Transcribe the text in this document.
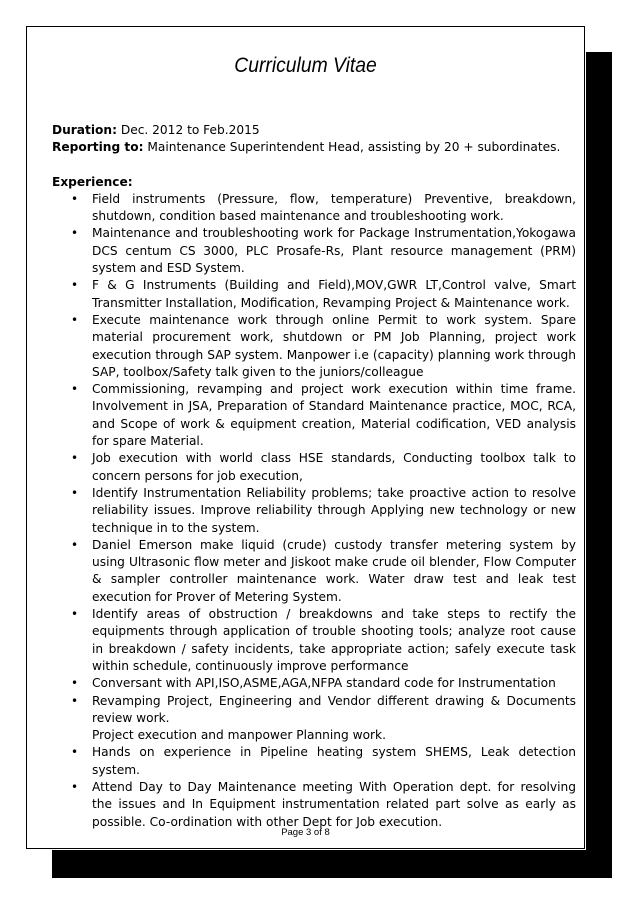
Curriculum Vitae
Duration: Dec. 2012 to Feb.2015
Reporting to: Maintenance Superintendent Head, assisting by 20 + subordinates.
Experience:
• Field instruments (Pressure, flow, temperature) Preventive, breakdown, shutdown, condition based maintenance and troubleshooting work.
• Maintenance and troubleshooting work for Package Instrumentation,Yokogawa DCS centum CS 3000, PLC Prosafe-Rs, Plant resource management (PRM) system and ESD System.
• F & G Instruments (Building and Field),MOV,GWR LT,Control valve, Smart Transmitter Installation, Modification, Revamping Project & Maintenance work.
• Execute maintenance work through online Permit to work system. Spare material procurement work, shutdown or PM Job Planning, project work execution through SAP system. Manpower i.e (capacity) planning work through SAP, toolbox/Safety talk given to the juniors/colleague
• Commissioning, revamping and project work execution within time frame. Involvement in JSA, Preparation of Standard Maintenance practice, MOC, RCA, and Scope of work & equipment creation, Material codification, VED analysis for spare Material.
• Job execution with world class HSE standards, Conducting toolbox talk to concern persons for job execution,
• Identify Instrumentation Reliability problems; take proactive action to resolve reliability issues. Improve reliability through Applying new technology or new technique in to the system.
• Daniel Emerson make liquid (crude) custody transfer metering system by using Ultrasonic flow meter and Jiskoot make crude oil blender, Flow Computer & sampler controller maintenance work. Water draw test and leak test execution for Prover of Metering System.
• Identify areas of obstruction / breakdowns and take steps to rectify the equipments through application of trouble shooting tools; analyze root cause in breakdown / safety incidents, take appropriate action; safely execute task within schedule, continuously improve performance
• Conversant with API,ISO,ASME,AGA,NFPA standard code for Instrumentation
• Revamping Project, Engineering and Vendor different drawing & Documents review work.
Project execution and manpower Planning work.
• Hands on experience in Pipeline heating system SHEMS, Leak detection system.
• Attend Day to Day Maintenance meeting With Operation dept. for resolving the issues and In Equipment instrumentation related part solve as early as possible. Co-ordination with other Dept for Job execution.
Page 3 of 8
